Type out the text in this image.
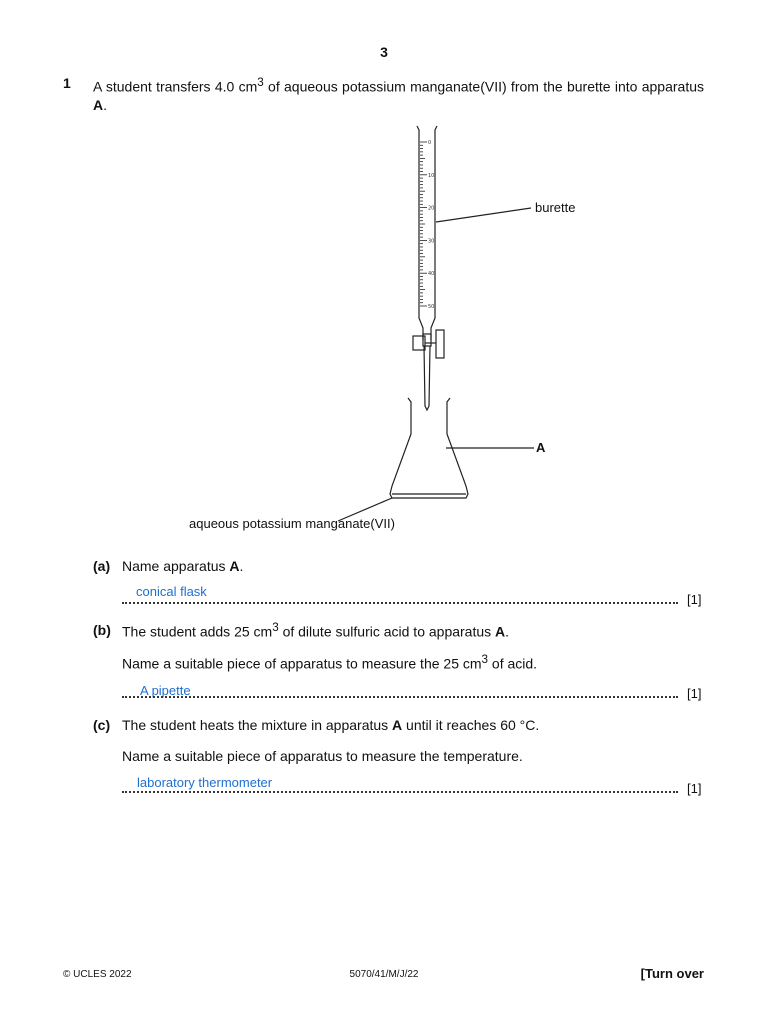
3
1 A student transfers 4.0 $cm^3$ of aqueous potassium manganate(VII) from the burette into apparatus A.
0
10
20
30
40
50
burette
A
aqueous potassium manganate(VII)
(a) Name apparatus A.
conical flask
[1]
(b) The student adds 25 $cm^3$ of dilute sulfuric acid to apparatus A.
Name a suitable piece of apparatus to measure the 25 $cm^3$ of acid.
A pipette	[1]
(c) The student heats the mixture in apparatus A until it reaches 60 °C.
Name a suitable piece of apparatus to measure the temperature.
laboratory thermometer	[1]
© UCLES 2022	5070/41/M/J/22	[Turn over
